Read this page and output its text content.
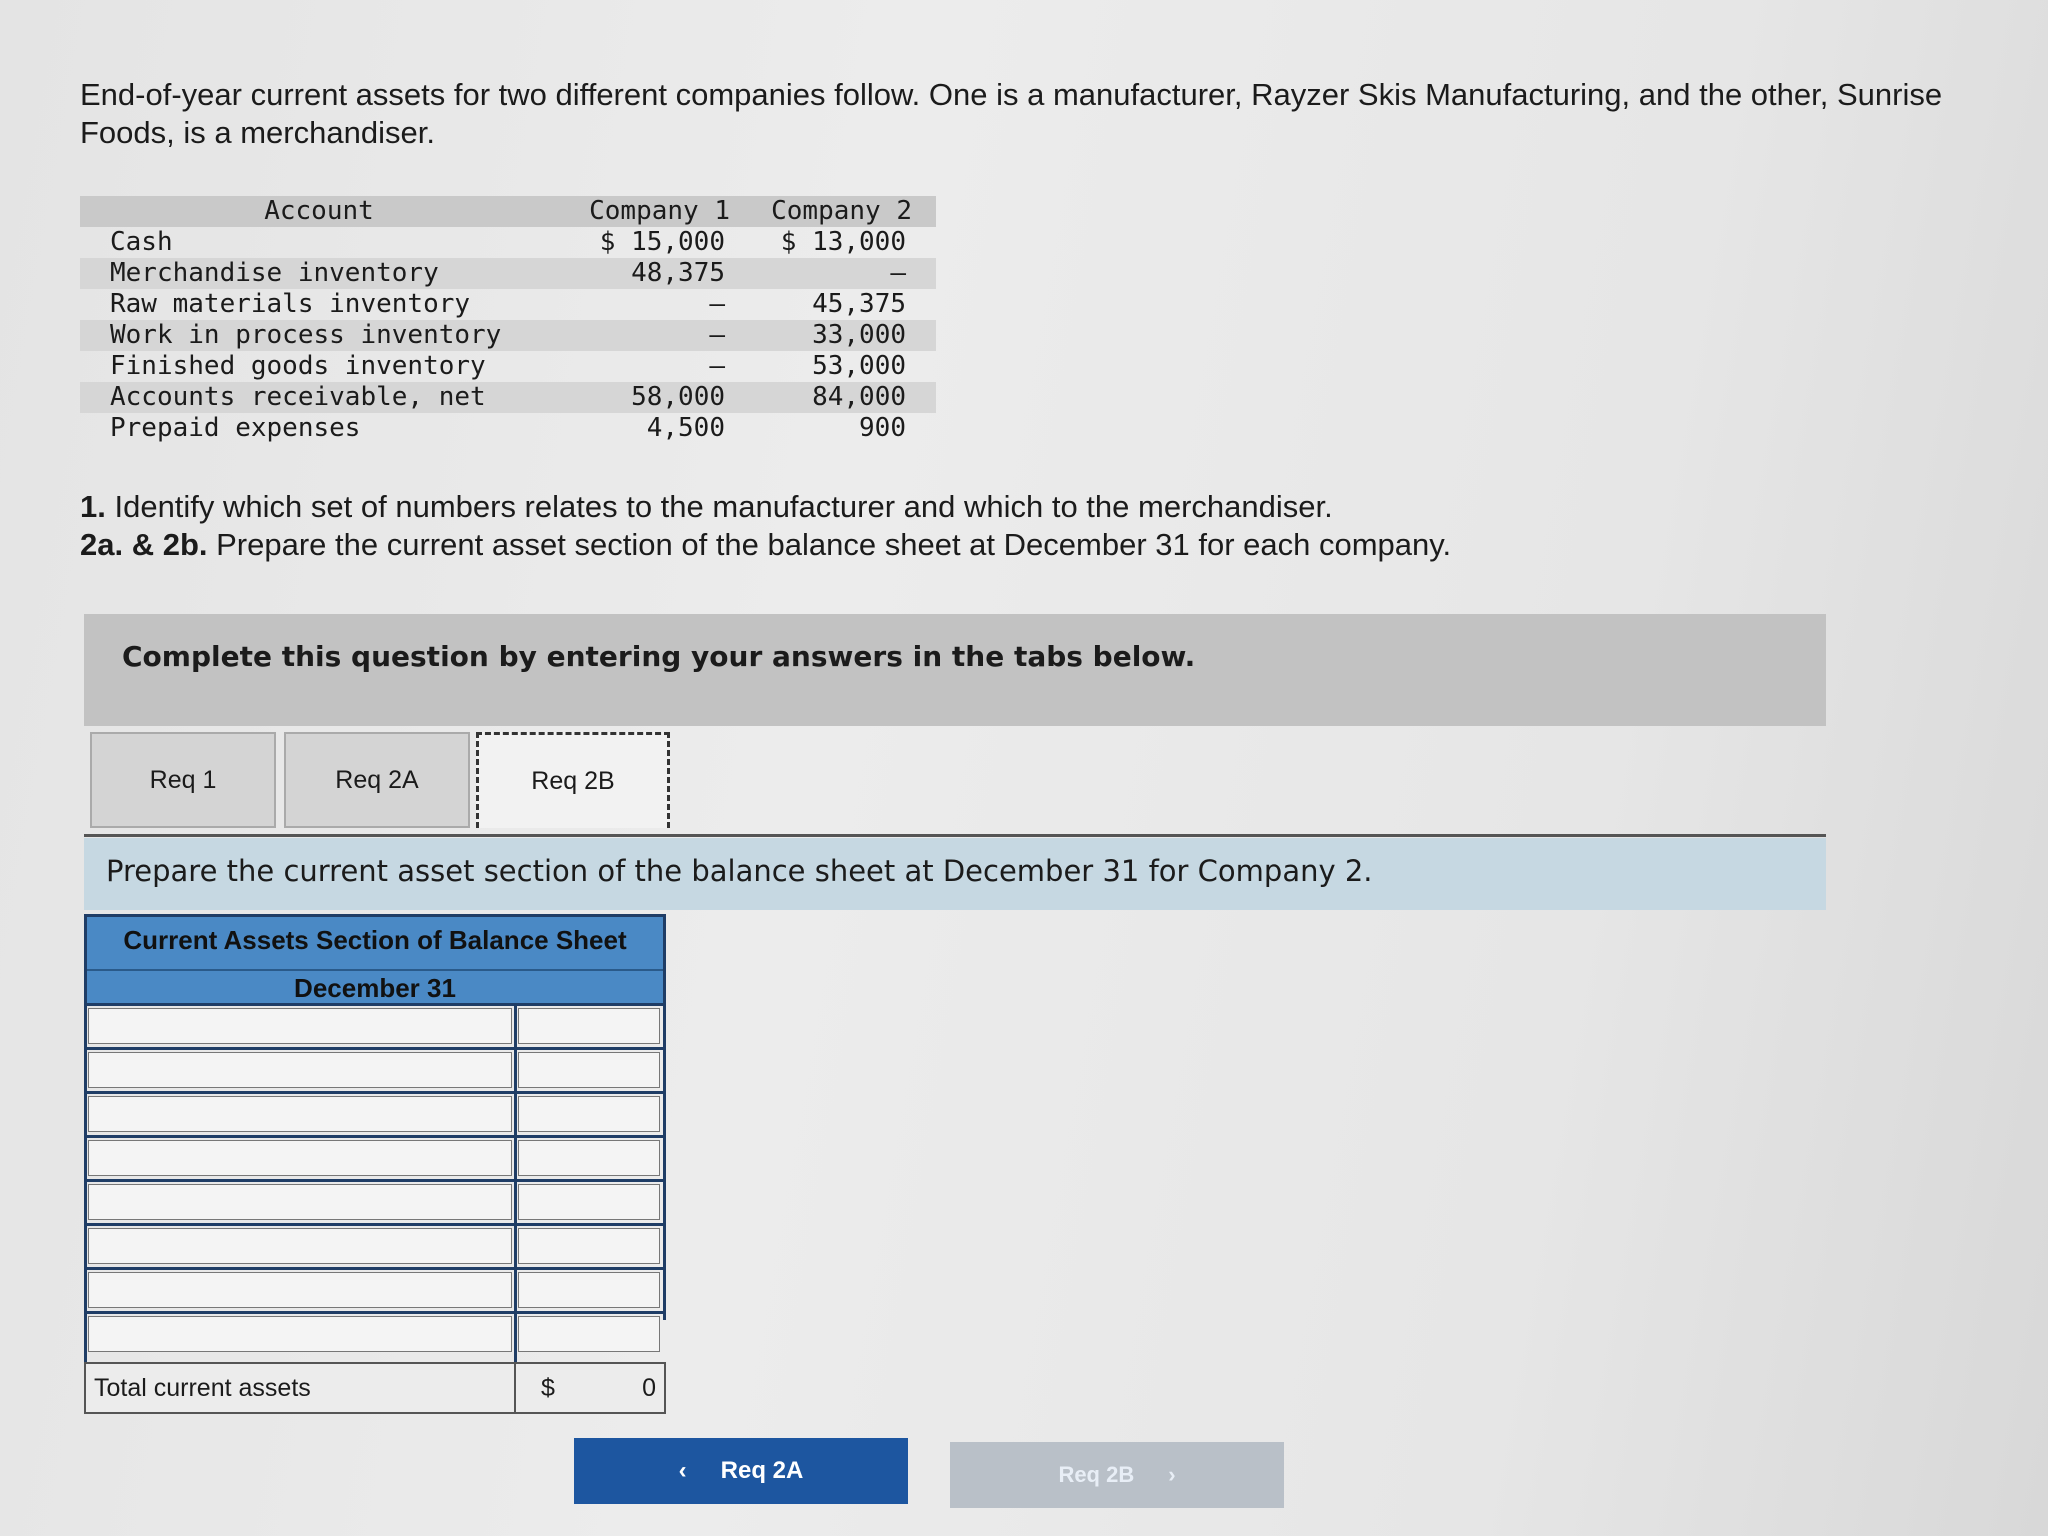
End-of-year current assets for two different companies follow. One is a manufacturer, Rayzer Skis Manufacturing, and the other, Sunrise Foods, is a merchandiser.
Account	Company 1 Company 2
Cash	$ 15,000 $ 13,000
Merchandise inventory	48,375	–
Raw materials inventory	–	45,375
Work in process inventory	–	33,000
Finished goods inventory	–	53,000
Accounts receivable, net	58,000	84,000
Prepaid expenses	4,500	900
1. Identify which set of numbers relates to the manufacturer and which to the merchandiser.
2a. & 2b. Prepare the current asset section of the balance sheet at December 31 for each company.
Complete this question by entering your answers in the tabs below.
Req 1	Req 2A	Req 2B
Prepare the current asset section of the balance sheet at December 31 for Company 2.
Current Assets Section of Balance Sheet
December 31
Total current assets	$	0
‹ Req 2A	Req 2B ›
